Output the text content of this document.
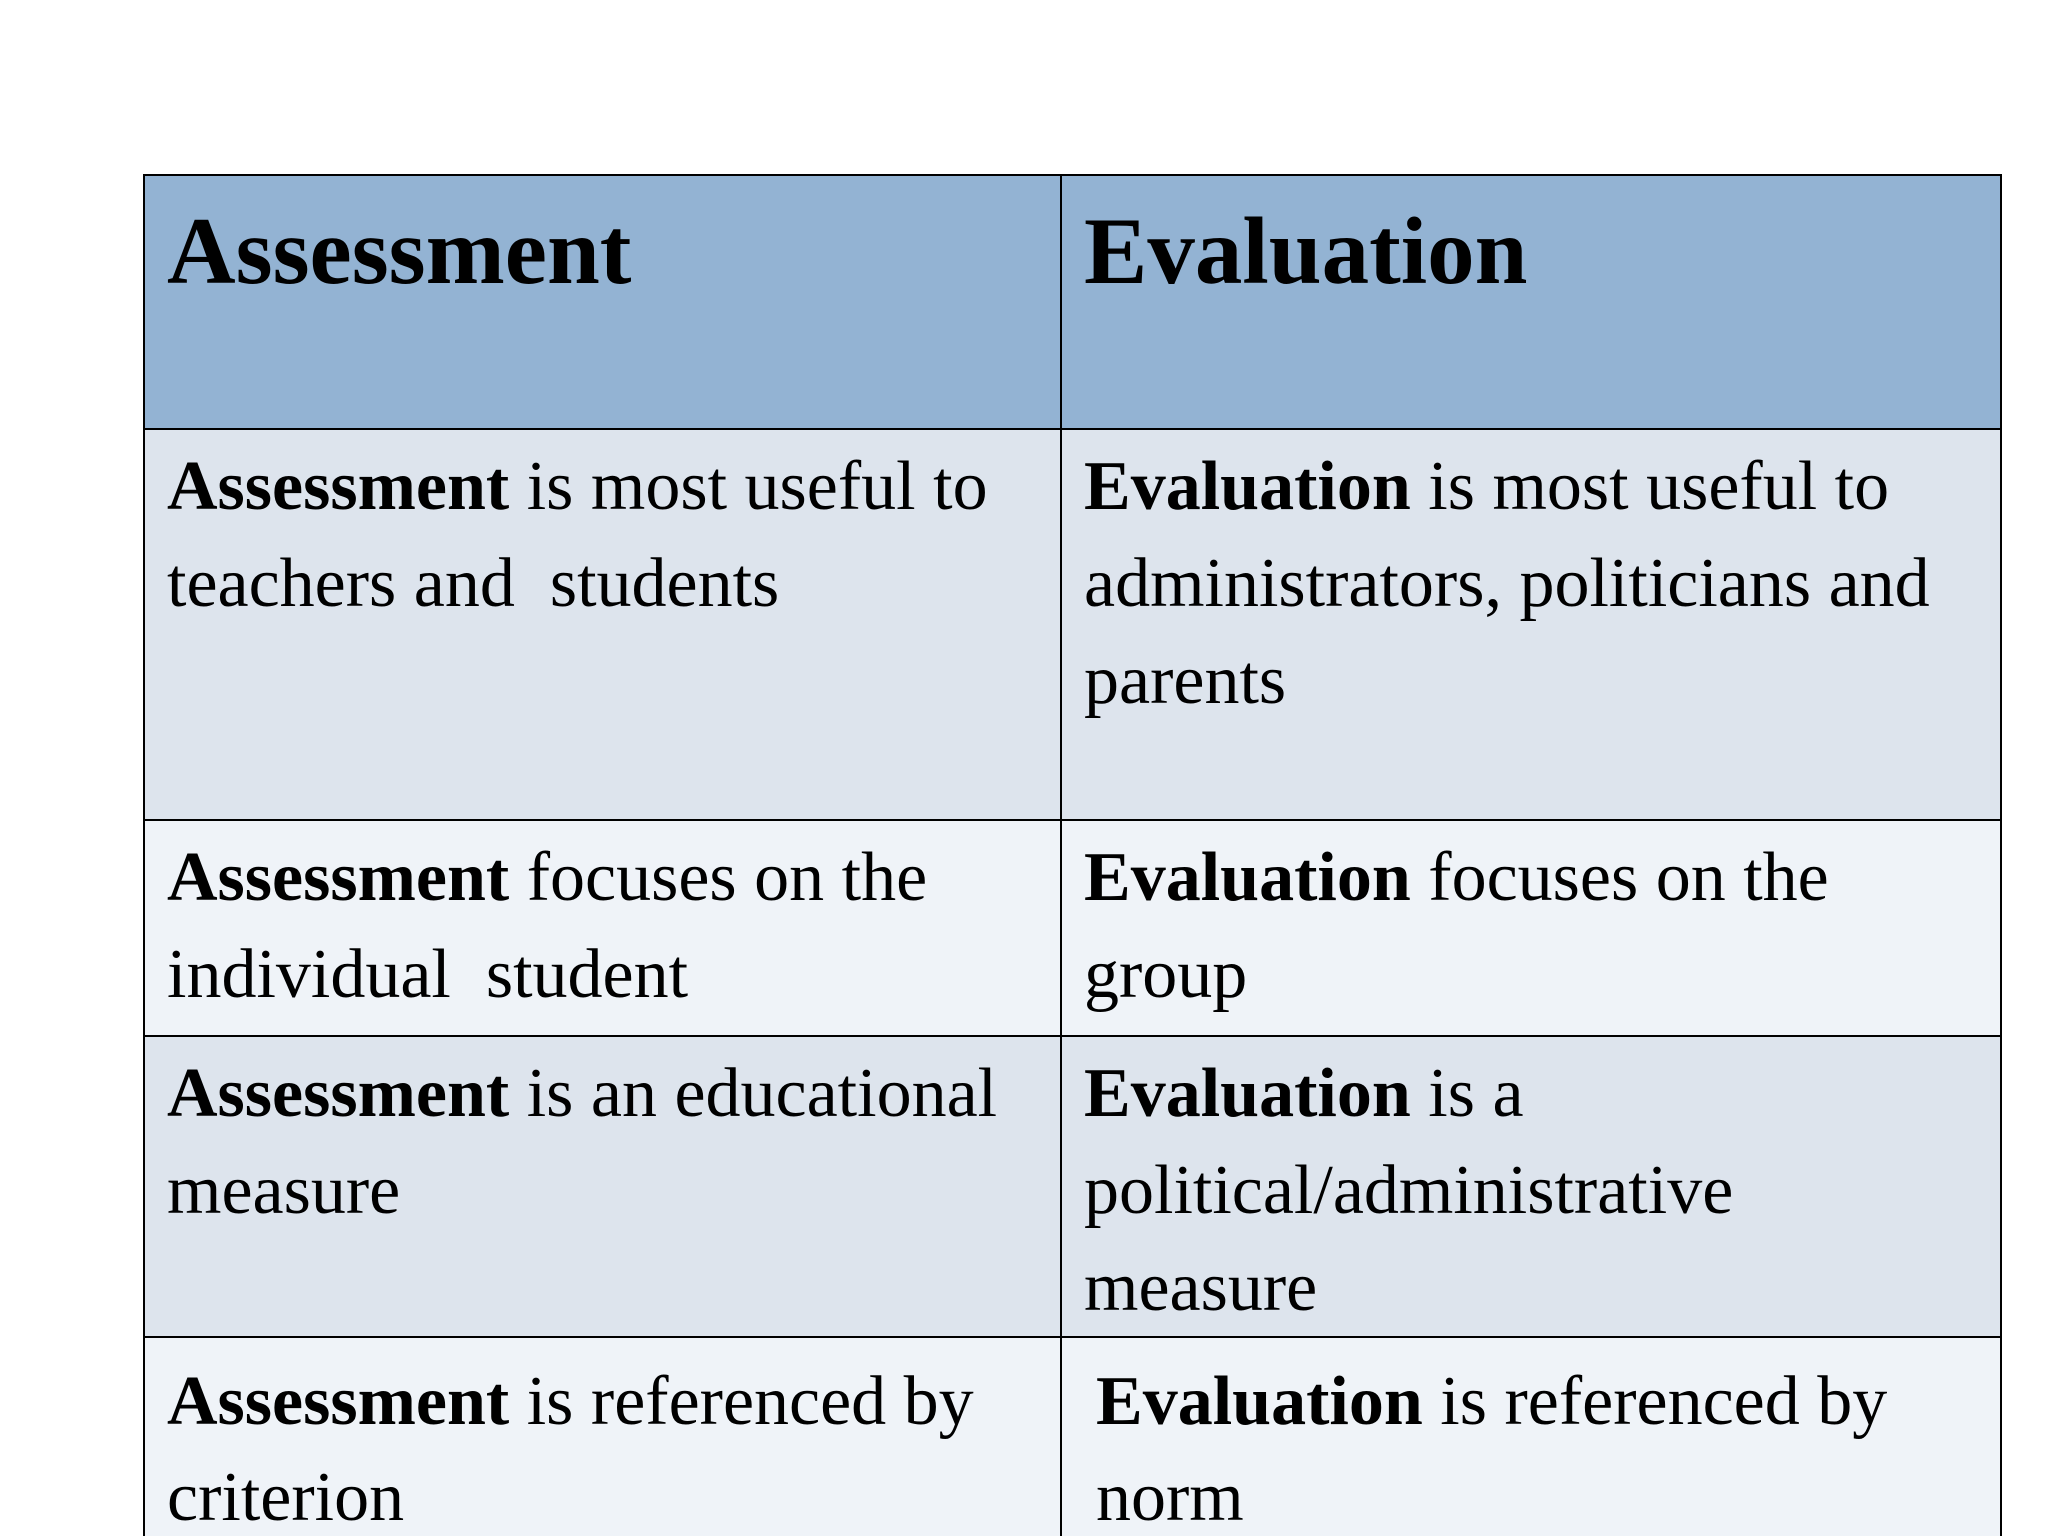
Assessment	Evaluation
Assessment is most useful to teachers and  students	Evaluation is most useful to administrators, politicians and parents
Assessment focuses on the individual  student	Evaluation focuses on the group
Assessment is an educational measure	Evaluation is a political/administrative measure
Assessment is referenced by criterion	Evaluation is referenced by norm
